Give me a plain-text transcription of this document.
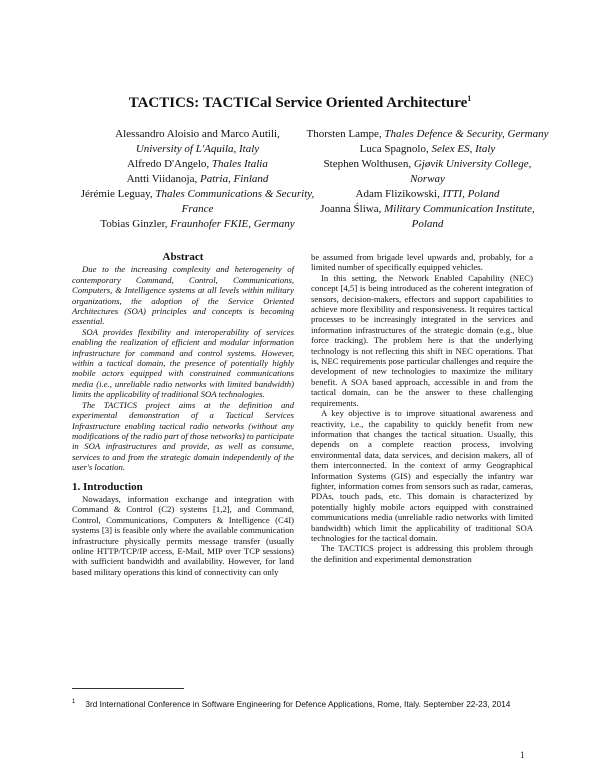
TACTICS: TACTICal Service Oriented Architecture$^1$
Alessandro Aloisio and Marco Autili,
University of L'Aquila, Italy
Alfredo D'Angelo, Thales Italia
Antti Viidanoja, Patria, Finland
Jérémie Leguay, Thales Communications & Security, France
Tobias Ginzler, Fraunhofer FKIE, Germany
Thorsten Lampe, Thales Defence & Security, Germany
Luca Spagnolo, Selex ES, Italy
Stephen Wolthusen, Gjøvik University College, Norway
Adam Flizikowski, ITTI, Poland
Joanna Śliwa, Military Communication Institute, Poland
Abstract

Due to the increasing complexity and heterogeneity of contemporary Command, Control, Communications, Computers, & Intelligence systems at all levels within military organizations, the adoption of the Service Oriented Architectures (SOA) principles and concepts is becoming essential.

SOA provides flexibility and interoperability of services enabling the realization of efficient and modular information infrastructure for command and control systems. However, within a tactical domain, the presence of potentially highly mobile actors equipped with constrained communications media (i.e., unreliable radio networks with limited bandwidth) limits the applicability of traditional SOA technologies.

The TACTICS project aims at the definition and experimental demonstration of a Tactical Services Infrastructure enabling tactical radio networks (without any modifications of the radio part of those networks) to participate in SOA infrastructures and provide, as well as consume, services to and from the strategic domain independently of the user's location.

1. Introduction

Nowadays, information exchange and integration with Command & Control (C2) systems [1,2], and Command, Control, Communications, Computers & Intelligence (C4I) systems [3] is feasible only where the available communication infrastructure physically permits message transfer (usually online HTTP/TCP/IP access, E-Mail, MIP over TCP sessions) with sufficient bandwidth and availability. However, for land based military operations this kind of connectivity can only

be assumed from brigade level upwards and, probably, for a limited number of specifically equipped vehicles.

In this setting, the Network Enabled Capability (NEC) concept [4,5] is being introduced as the coherent integration of sensors, decision-makers, effectors and support capabilities to achieve more flexibility and responsiveness. It requires tactical processes to be increasingly integrated in the services and information infrastructures of the strategic domain (e.g., blue force tracking). The problem here is that the underlying technology is not reflecting this shift in NEC operations. That is, NEC requirements pose particular challenges and require the development of new technologies to maximize the military benefit. A SOA based approach, accessible in and from the tactical domain, can be the answer to these challenging requirements.

A key objective is to improve situational awareness and reactivity, i.e., the capability to quickly benefit from new information that changes the tactical situation. Usually, this depends on a complete reaction process, involving environmental data, data services, and decision makers, all of them interconnected. In the context of army Geographical Information Systems (GIS) and especially the infantry war fighter, information comes from sensors such as radar, cameras, PDAs, touch pads, etc. This domain is characterized by potentially highly mobile actors equipped with constrained communications media (unreliable radio networks with limited bandwidth) which limit the applicability of traditional SOA technologies for the tactical domain.

The TACTICS project is addressing this problem through the definition and experimental demonstration

$^1$ 3rd International Conference in Software Engineering for Defence Applications, Rome, Italy. September 22-23, 2014
1
